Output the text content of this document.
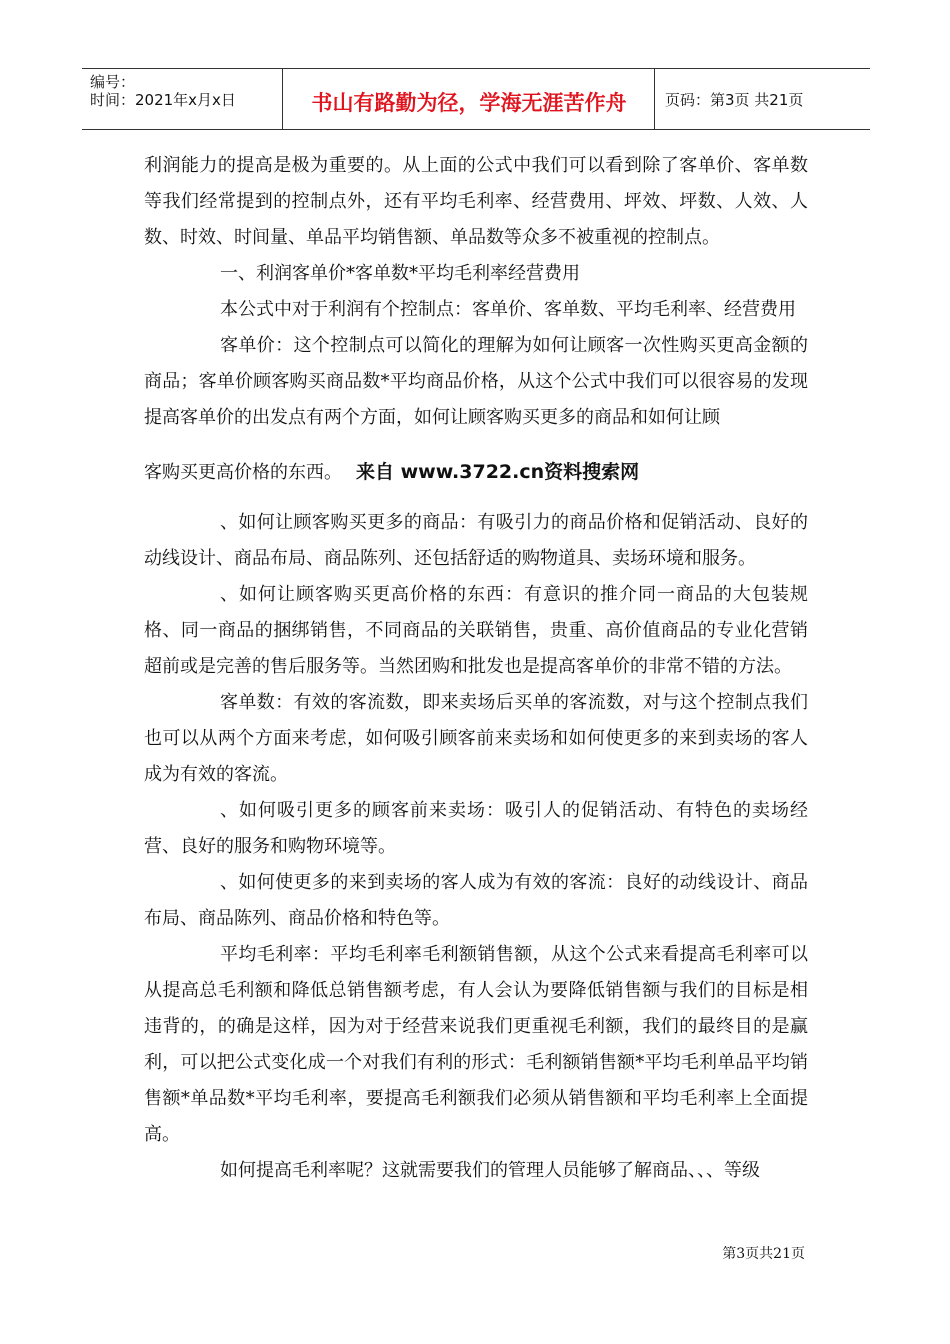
编号：
时间：2021年x月x日	书山有路勤为径，学海无涯苦作舟	页码：第3页 共21页

利润能力的提高是极为重要的。从上面的公式中我们可以看到除了客单价、客单数等我们经常提到的控制点外，还有平均毛利率、经营费用、坪效、坪数、人效、人数、时效、时间量、单品平均销售额、单品数等众多不被重视的控制点。

一、利润客单价*客单数*平均毛利率经营费用

本公式中对于利润有个控制点：客单价、客单数、平均毛利率、经营费用

客单价：这个控制点可以简化的理解为如何让顾客一次性购买更高金额的商品；客单价顾客购买商品数*平均商品价格，从这个公式中我们可以很容易的发现提高客单价的出发点有两个方面，如何让顾客购买更多的商品和如何让顾

客购买更高价格的东西。 来自 www.3722.cn资料搜索网

、如何让顾客购买更多的商品：有吸引力的商品价格和促销活动、良好的动线设计、商品布局、商品陈列、还包括舒适的购物道具、卖场环境和服务。

、如何让顾客购买更高价格的东西：有意识的推介同一商品的大包装规格、同一商品的捆绑销售，不同商品的关联销售，贵重、高价值商品的专业化营销超前或是完善的售后服务等。当然团购和批发也是提高客单价的非常不错的方法。

客单数：有效的客流数，即来卖场后买单的客流数，对与这个控制点我们也可以从两个方面来考虑，如何吸引顾客前来卖场和如何使更多的来到卖场的客人成为有效的客流。

、如何吸引更多的顾客前来卖场：吸引人的促销活动、有特色的卖场经营、良好的服务和购物环境等。

、如何使更多的来到卖场的客人成为有效的客流：良好的动线设计、商品布局、商品陈列、商品价格和特色等。

平均毛利率：平均毛利率毛利额销售额，从这个公式来看提高毛利率可以从提高总毛利额和降低总销售额考虑，有人会认为要降低销售额与我们的目标是相违背的，的确是这样，因为对于经营来说我们更重视毛利额，我们的最终目的是赢利，可以把公式变化成一个对我们有利的形式：毛利额销售额*平均毛利单品平均销售额*单品数*平均毛利率，要提高毛利额我们必须从销售额和平均毛利率上全面提高。

如何提高毛利率呢？这就需要我们的管理人员能够了解商品、、、等级

第3页共21页
